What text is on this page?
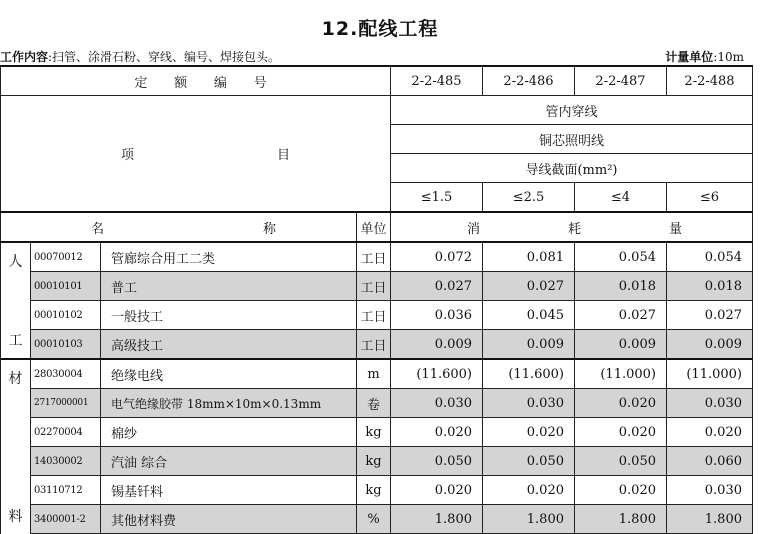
12.配线工程
工作内容:扫管、涂滑石粉、穿线、编号、焊接包头。	计量单位:10m
定 额 编 号				2-2-485	2-2-486	2-2-487	2-2-488

项 目				管内穿线			
				铜芯照明线			
				导线截面(mm²)			
				≤1.5	≤2.5	≤4	≤6

名 称			单位	消 耗 量			

人	00070012	管廊综合用工二类	工日	0.072	0.081	0.054	0.054
	00010101	普工	工日	0.027	0.027	0.018	0.018
工	00010102	一般技工	工日	0.036	0.045	0.027	0.027
	00010103	高级技工	工日	0.009	0.009	0.009	0.009
材	28030004	绝缘电线	m	(11.600)	(11.600)	(11.000)	(11.000)
	2717000001	电气绝缘胶带 18mm×10m×0.13mm	卷	0.030	0.030	0.020	0.030
	02270004	棉纱	kg	0.020	0.020	0.020	0.020
料	14030002	汽油 综合	kg	0.050	0.050	0.050	0.060
	03110712	锡基钎料	kg	0.020	0.020	0.020	0.030
	3400001-2	其他材料费	%	1.800	1.800	1.800	1.800
